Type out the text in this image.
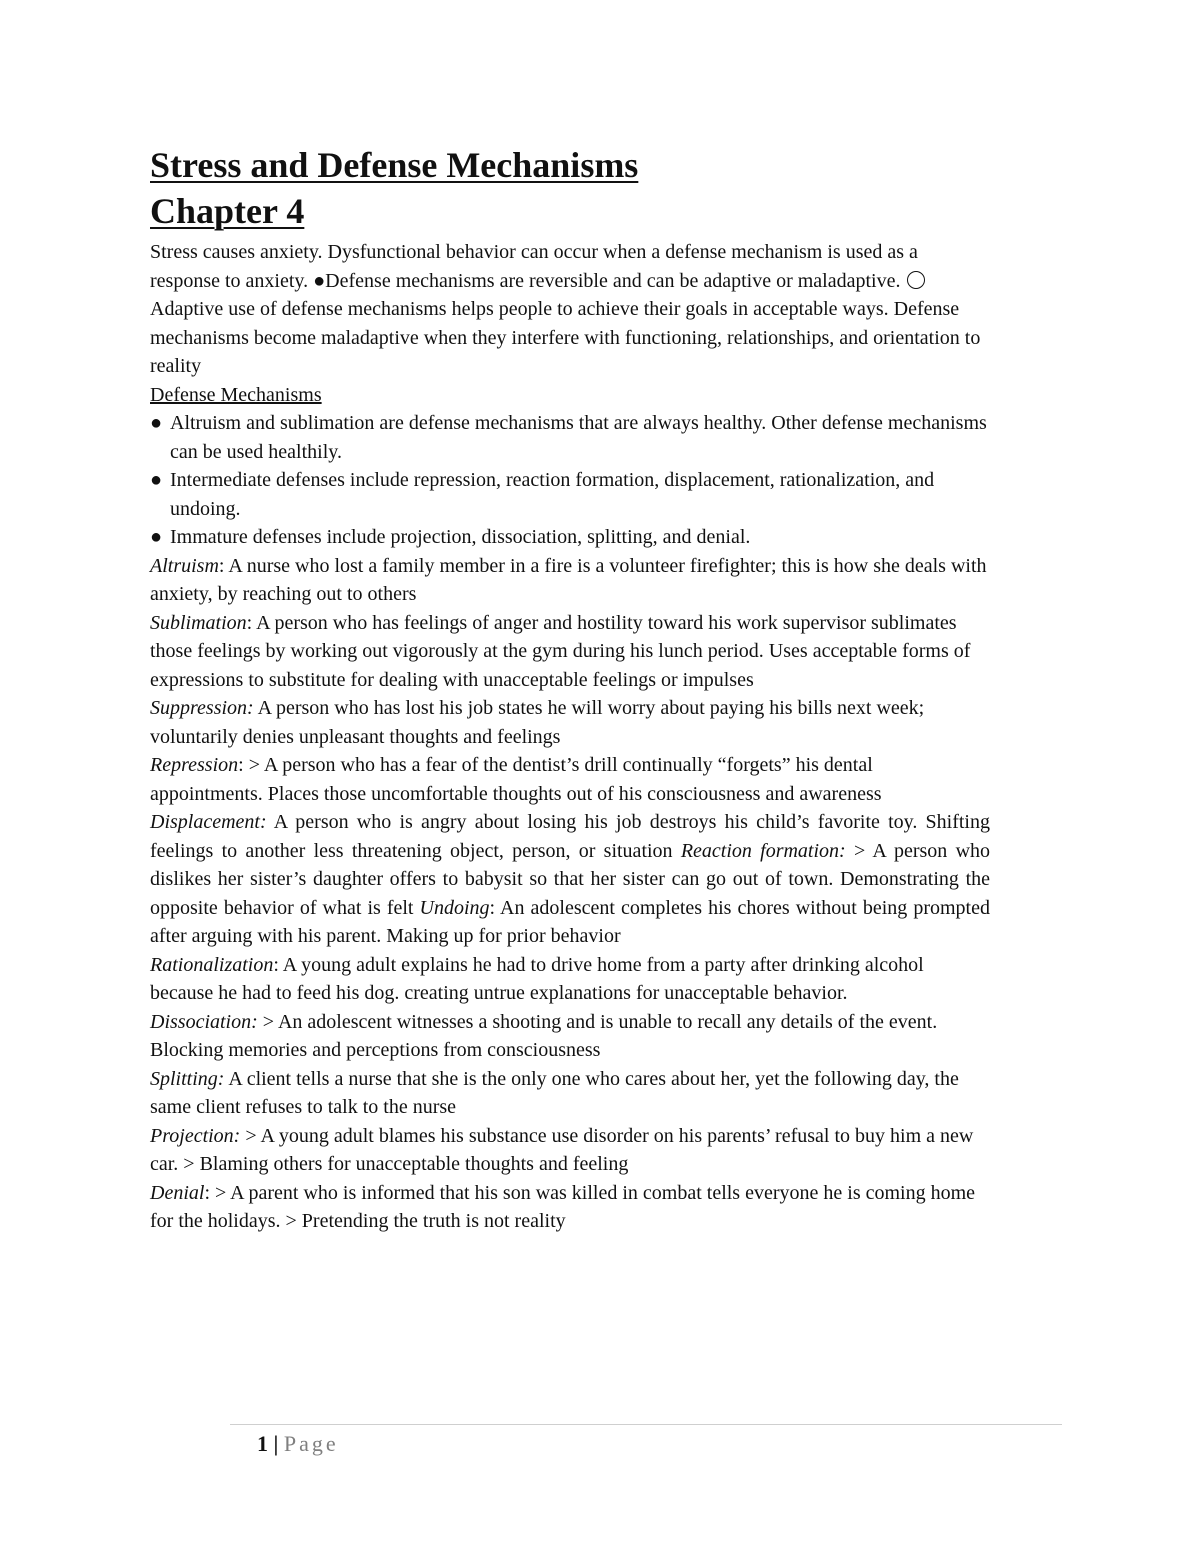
Stress and Defense Mechanisms
Chapter 4

Stress causes anxiety. Dysfunctional behavior can occur when a defense mechanism is used as a response to anxiety. ●Defense mechanisms are reversible and can be adaptive or maladaptive.  Adaptive use of defense mechanisms helps people to achieve their goals in acceptable ways. Defense mechanisms become maladaptive when they interfere with functioning, relationships, and orientation to reality

Defense Mechanisms
● Altruism and sublimation are defense mechanisms that are always healthy. Other defense mechanisms can be used healthily.
● Intermediate defenses include repression, reaction formation, displacement, rationalization, and undoing.
● Immature defenses include projection, dissociation, splitting, and denial.

Altruism: A nurse who lost a family member in a fire is a volunteer firefighter; this is how she deals with anxiety, by reaching out to others

Sublimation: A person who has feelings of anger and hostility toward his work supervisor sublimates those feelings by working out vigorously at the gym during his lunch period. Uses acceptable forms of expressions to substitute for dealing with unacceptable feelings or impulses

Suppression: A person who has lost his job states he will worry about paying his bills next week; voluntarily denies unpleasant thoughts and feelings

Repression: > A person who has a fear of the dentist’s drill continually “forgets” his dental appointments. Places those uncomfortable thoughts out of his consciousness and awareness

Displacement: A person who is angry about losing his job destroys his child’s favorite toy. Shifting feelings to another less threatening object, person, or situation Reaction formation: > A person who dislikes her sister’s daughter offers to babysit so that her sister can go out of town. Demonstrating the opposite behavior of what is felt Undoing: An adolescent completes his chores without being prompted after arguing with his parent. Making up for prior behavior

Rationalization: A young adult explains he had to drive home from a party after drinking alcohol because he had to feed his dog. creating untrue explanations for unacceptable behavior.

Dissociation: > An adolescent witnesses a shooting and is unable to recall any details of the event. Blocking memories and perceptions from consciousness

Splitting: A client tells a nurse that she is the only one who cares about her, yet the following day, the same client refuses to talk to the nurse

Projection: > A young adult blames his substance use disorder on his parents’ refusal to buy him a new car. > Blaming others for unacceptable thoughts and feeling

Denial: > A parent who is informed that his son was killed in combat tells everyone he is coming home for the holidays. > Pretending the truth is not reality

1 | Page
